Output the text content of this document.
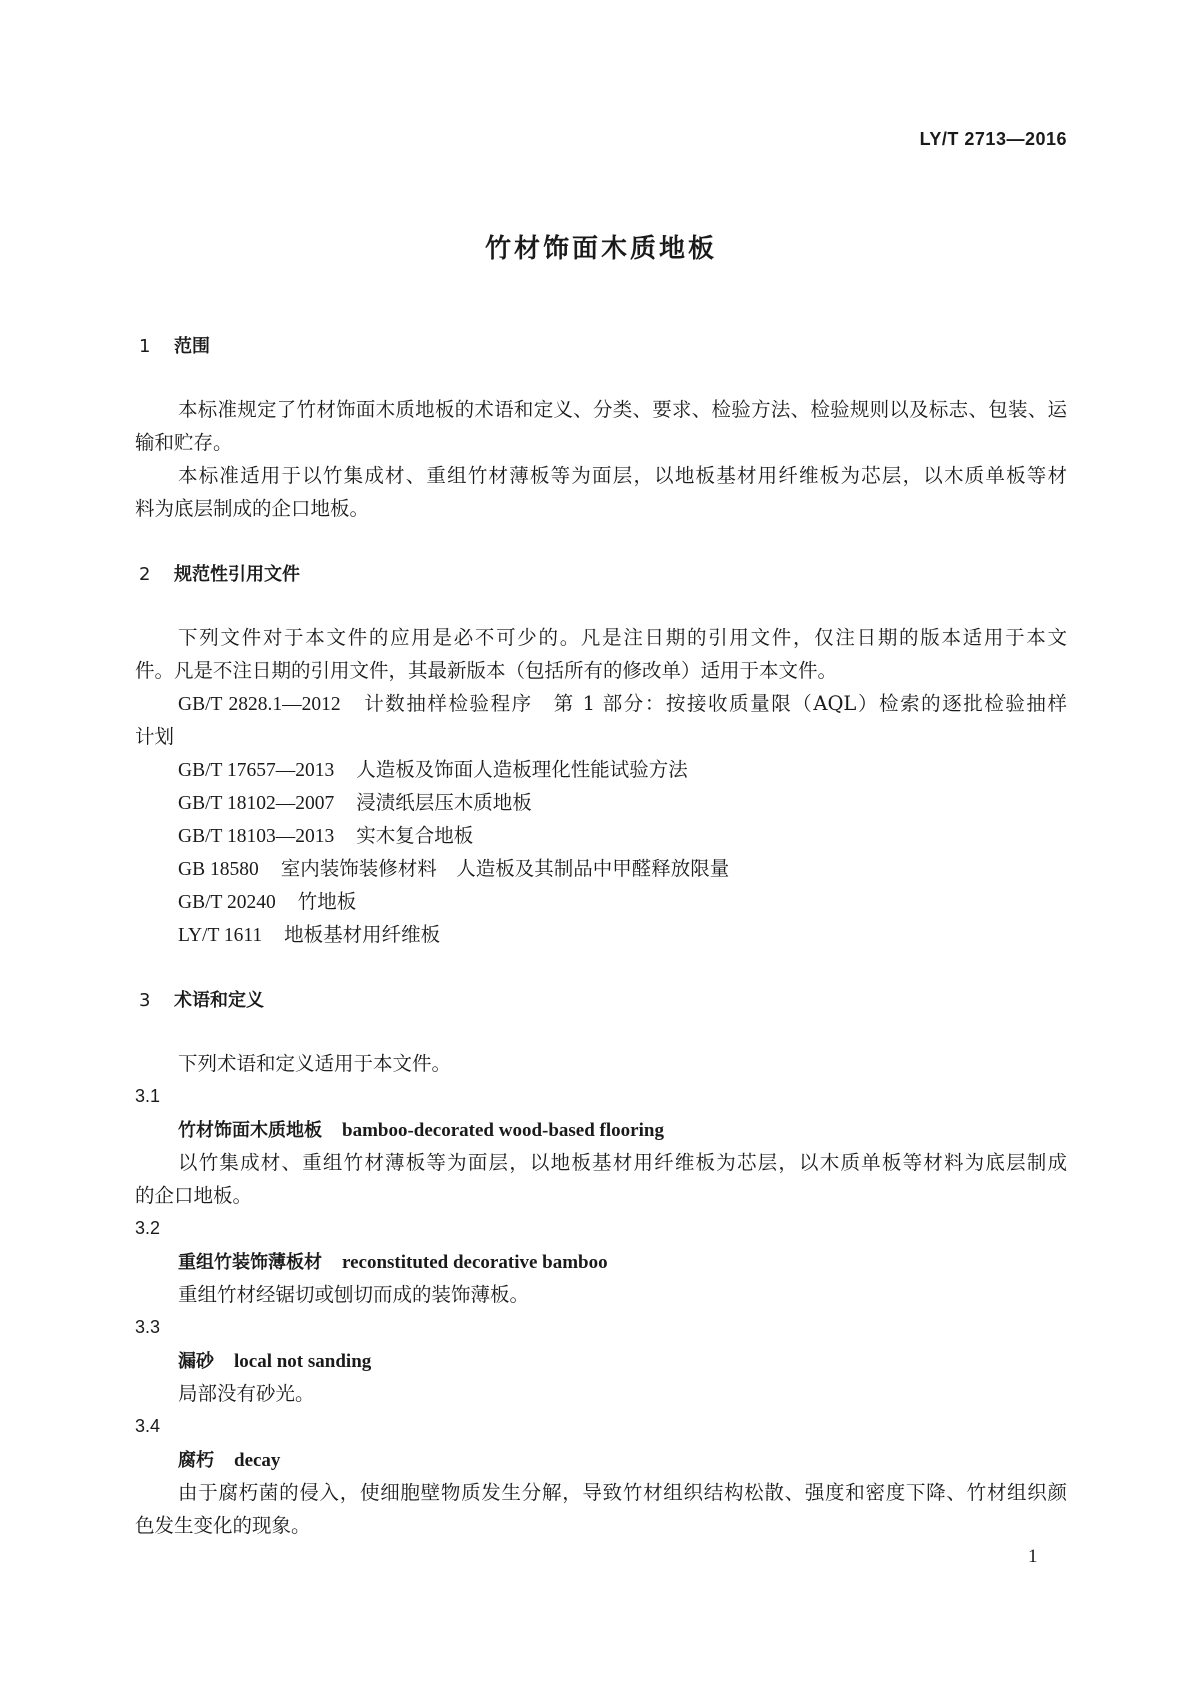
LY/T 2713—2016
竹材饰面木质地板
1 范围
本标准规定了竹材饰面木质地板的术语和定义、分类、要求、检验方法、检验规则以及标志、包装、运
输和贮存。
本标准适用于以竹集成材、重组竹材薄板等为面层，以地板基材用纤维板为芯层，以木质单板等材
料为底层制成的企口地板。
2 规范性引用文件
下列文件对于本文件的应用是必不可少的。凡是注日期的引用文件，仅注日期的版本适用于本文
件。凡是不注日期的引用文件，其最新版本（包括所有的修改单）适用于本文件。
GB/T 2828.1—2012 计数抽样检验程序　第 1 部分：按接收质量限（AQL）检索的逐批检验抽样
计划
GB/T 17657—2013 人造板及饰面人造板理化性能试验方法
GB/T 18102—2007 浸渍纸层压木质地板
GB/T 18103—2013 实木复合地板
GB 18580 室内装饰装修材料　人造板及其制品中甲醛释放限量
GB/T 20240 竹地板
LY/T 1611 地板基材用纤维板
3 术语和定义
下列术语和定义适用于本文件。
3.1
竹材饰面木质地板 bamboo-decorated wood-based flooring
以竹集成材、重组竹材薄板等为面层，以地板基材用纤维板为芯层，以木质单板等材料为底层制成
的企口地板。
3.2
重组竹装饰薄板材 reconstituted decorative bamboo
重组竹材经锯切或刨切而成的装饰薄板。
3.3
漏砂 local not sanding
局部没有砂光。
3.4
腐朽 decay
由于腐朽菌的侵入，使细胞壁物质发生分解，导致竹材组织结构松散、强度和密度下降、竹材组织颜
色发生变化的现象。
1
